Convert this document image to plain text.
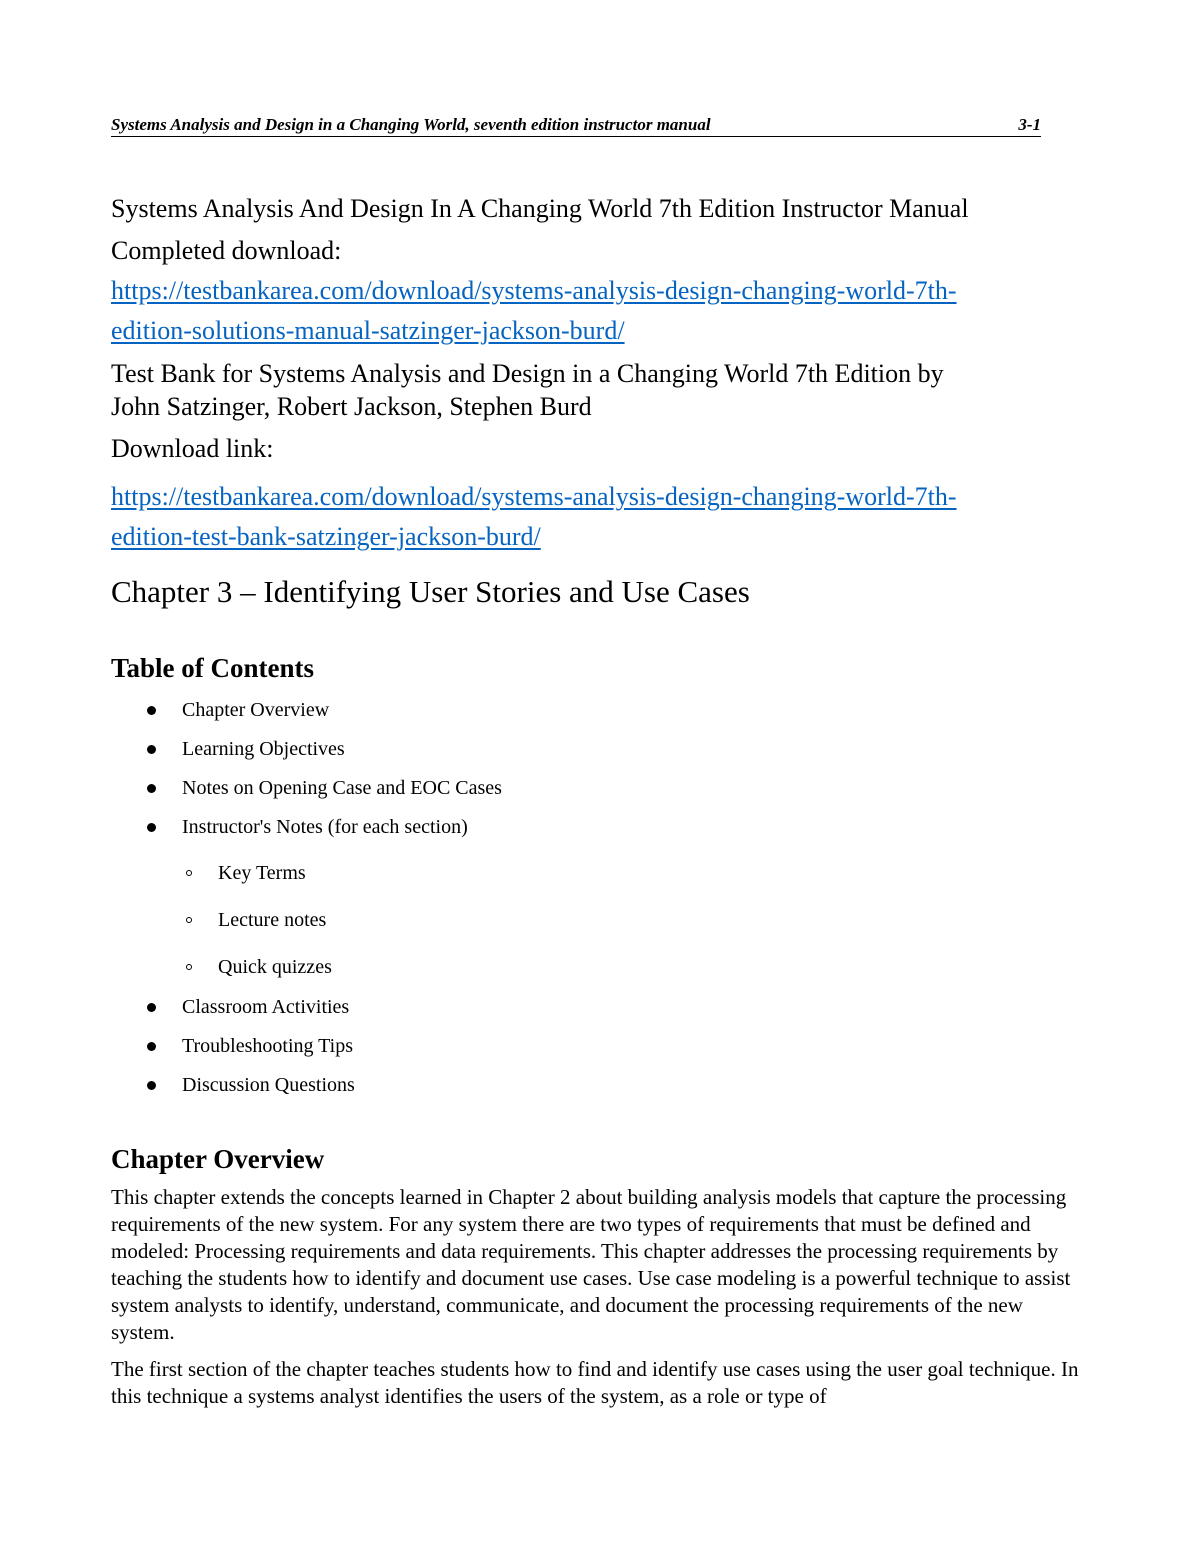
Systems Analysis and Design in a Changing World, seventh edition instructor manual	3-1

Systems Analysis And Design In A Changing World 7th Edition Instructor Manual

Completed download:

https://testbankarea.com/download/systems-analysis-design-changing-world-7th-
edition-solutions-manual-satzinger-jackson-burd/
Test Bank for Systems Analysis and Design in a Changing World 7th Edition by
John Satzinger, Robert Jackson, Stephen Burd
Download link:
https://testbankarea.com/download/systems-analysis-design-changing-world-7th-
edition-test-bank-satzinger-jackson-burd/
Chapter 3 – Identifying User Stories and Use Cases
Table of Contents
Chapter Overview
Learning Objectives
Notes on Opening Case and EOC Cases
Instructor's Notes (for each section)
Key Terms
Lecture notes
Quick quizzes
Classroom Activities
Troubleshooting Tips
Discussion Questions
Chapter Overview

This chapter extends the concepts learned in Chapter 2 about building analysis models that capture the processing requirements of the new system. For any system there are two types of requirements that must be defined and modeled: Processing requirements and data requirements. This chapter addresses the processing requirements by teaching the students how to identify and document use cases. Use case modeling is a powerful technique to assist system analysts to identify, understand, communicate, and document the processing requirements of the new system.

The first section of the chapter teaches students how to find and identify use cases using the user goal technique. In this technique a systems analyst identifies the users of the system, as a role or type of
